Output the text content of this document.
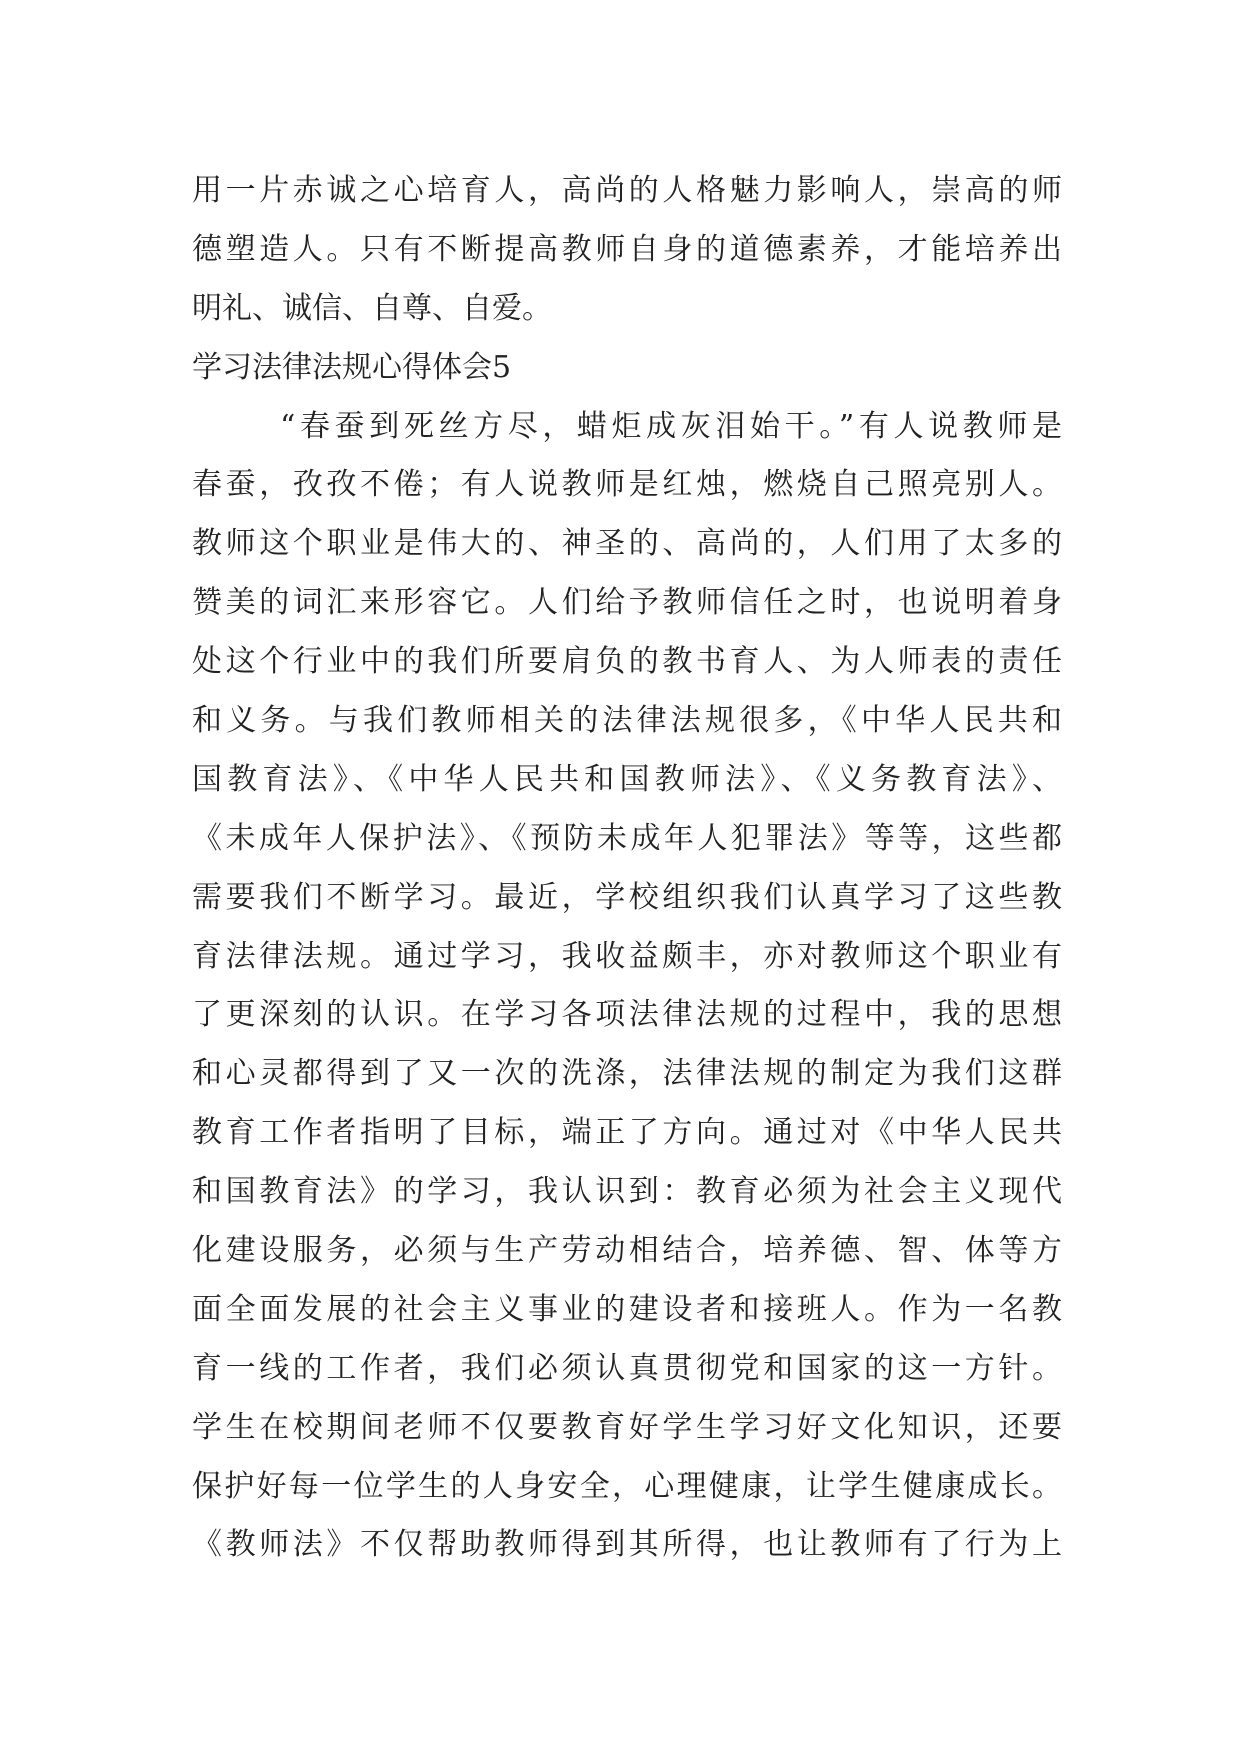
用一片赤诚之心培育人，高尚的人格魅力影响人，崇高的师
德塑造人。只有不断提高教师自身的道德素养，才能培养出
明礼、诚信、自尊、自爱。
学习法律法规心得体会5
“春蚕到死丝方尽，蜡炬成灰泪始干。”有人说教师是
春蚕，孜孜不倦；有人说教师是红烛，燃烧自己照亮别人。
教师这个职业是伟大的、神圣的、高尚的，人们用了太多的
赞美的词汇来形容它。人们给予教师信任之时，也说明着身
处这个行业中的我们所要肩负的教书育人、为人师表的责任
和义务。与我们教师相关的法律法规很多，《中华人民共和
国教育法》、《中华人民共和国教师法》、《义务教育法》、
《未成年人保护法》、《预防未成年人犯罪法》等等，这些都
需要我们不断学习。最近，学校组织我们认真学习了这些教
育法律法规。通过学习，我收益颇丰，亦对教师这个职业有
了更深刻的认识。在学习各项法律法规的过程中，我的思想
和心灵都得到了又一次的洗涤，法律法规的制定为我们这群
教育工作者指明了目标，端正了方向。通过对《中华人民共
和国教育法》的学习，我认识到：教育必须为社会主义现代
化建设服务，必须与生产劳动相结合，培养德、智、体等方
面全面发展的社会主义事业的建设者和接班人。作为一名教
育一线的工作者，我们必须认真贯彻党和国家的这一方针。
学生在校期间老师不仅要教育好学生学习好文化知识，还要
保护好每一位学生的人身安全，心理健康，让学生健康成长。
《教师法》不仅帮助教师得到其所得，也让教师有了行为上
